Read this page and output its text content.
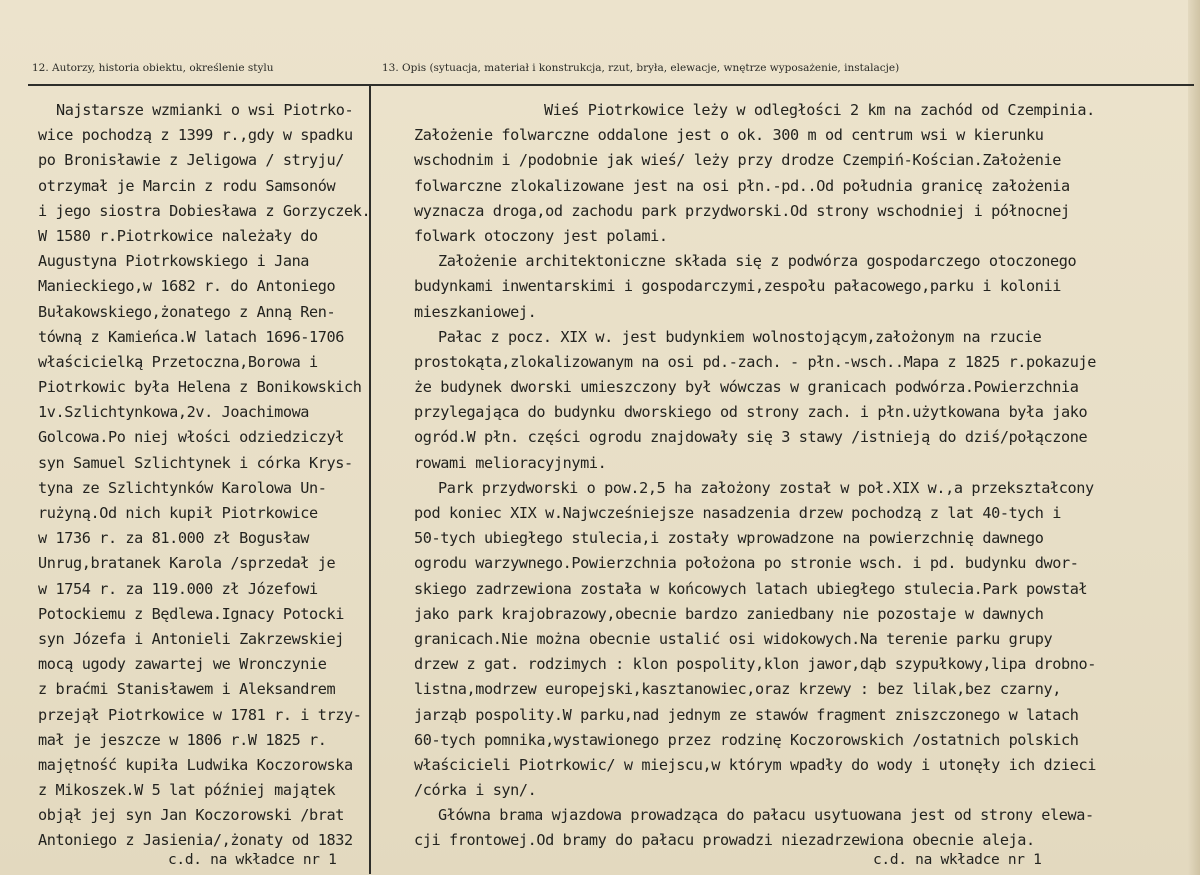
12. Autorzy, historia obiektu, określenie stylu	13. Opis (sytuacja, materiał i konstrukcja, rzut, bryła, elewacje, wnętrze wyposażenie, instalacje)
Najstarsze wzmianki o wsi Piotrko-
wice pochodzą z 1399 r.,gdy w spadku
po Bronisławie z Jeligowa / stryju/
otrzymał je Marcin z rodu Samsonów
i jego siostra Dobiesława z Gorzyczek.
W 1580 r.Piotrkowice należały do
Augustyna Piotrkowskiego i Jana
Manieckiego,w 1682 r. do Antoniego
Bułakowskiego,żonatego z Anną Ren-
tówną z Kamieńca.W latach 1696-1706
właścicielką Przetoczna,Borowa i
Piotrkowic była Helena z Bonikowskich
1v.Szlichtynkowa,2v. Joachimowa
Golcowa.Po niej włości odziedziczył
syn Samuel Szlichtynek i córka Krys-
tyna ze Szlichtynków Karolowa Un-
rużyną.Od nich kupił Piotrkowice
w 1736 r. za 81.000 zł Bogusław
Unrug,bratanek Karola /sprzedał je
w 1754 r. za 119.000 zł Józefowi
Potockiemu z Będlewa.Ignacy Potocki
syn Józefa i Antonieli Zakrzewskiej
mocą ugody zawartej we Wronczynie
z braćmi Stanisławem i Aleksandrem
przejął Piotrkowice w 1781 r. i trzy-
mał je jeszcze w 1806 r.W 1825 r.
majętność kupiła Ludwika Koczorowska
z Mikoszek.W 5 lat później majątek
objął jej syn Jan Koczorowski /brat
Antoniego z Jasienia/,żonaty od 1832
Wieś Piotrkowice leży w odległości 2 km na zachód od Czempinia.
Założenie folwarczne oddalone jest o ok. 300 m od centrum wsi w kierunku
wschodnim i /podobnie jak wieś/ leży przy drodze Czempiń-Kościan.Założenie
folwarczne zlokalizowane jest na osi płn.-pd..Od południa granicę założenia
wyznacza droga,od zachodu park przydworski.Od strony wschodniej i północnej
folwark otoczony jest polami.
Założenie architektoniczne składa się z podwórza gospodarczego otoczonego
budynkami inwentarskimi i gospodarczymi,zespołu pałacowego,parku i kolonii
mieszkaniowej.
Pałac z pocz. XIX w. jest budynkiem wolnostojącym,założonym na rzucie
prostokąta,zlokalizowanym na osi pd.-zach. - płn.-wsch..Mapa z 1825 r.pokazuje
że budynek dworski umieszczony był wówczas w granicach podwórza.Powierzchnia
przylegająca do budynku dworskiego od strony zach. i płn.użytkowana była jako
ogród.W płn. części ogrodu znajdowały się 3 stawy /istnieją do dziś/połączone
rowami melioracyjnymi.
Park przydworski o pow.2,5 ha założony został w poł.XIX w.,a przekształcony
pod koniec XIX w.Najwcześniejsze nasadzenia drzew pochodzą z lat 40-tych i
50-tych ubiegłego stulecia,i zostały wprowadzone na powierzchnię dawnego
ogrodu warzywnego.Powierzchnia położona po stronie wsch. i pd. budynku dwor-
skiego zadrzewiona została w końcowych latach ubiegłego stulecia.Park powstał
jako park krajobrazowy,obecnie bardzo zaniedbany nie pozostaje w dawnych
granicach.Nie można obecnie ustalić osi widokowych.Na terenie parku grupy
drzew z gat. rodzimych : klon pospolity,klon jawor,dąb szypułkowy,lipa drobno-
listna,modrzew europejski,kasztanowiec,oraz krzewy : bez lilak,bez czarny,
jarząb pospolity.W parku,nad jednym ze stawów fragment zniszczonego w latach
60-tych pomnika,wystawionego przez rodzinę Koczorowskich /ostatnich polskich
właścicieli Piotrkowic/ w miejscu,w którym wpadły do wody i utonęły ich dzieci
/córka i syn/.
Główna brama wjazdowa prowadząca do pałacu usytuowana jest od strony elewa-
cji frontowej.Od bramy do pałacu prowadzi niezadrzewiona obecnie aleja.
c.d. na wkładce nr 1	c.d. na wkładce nr 1
